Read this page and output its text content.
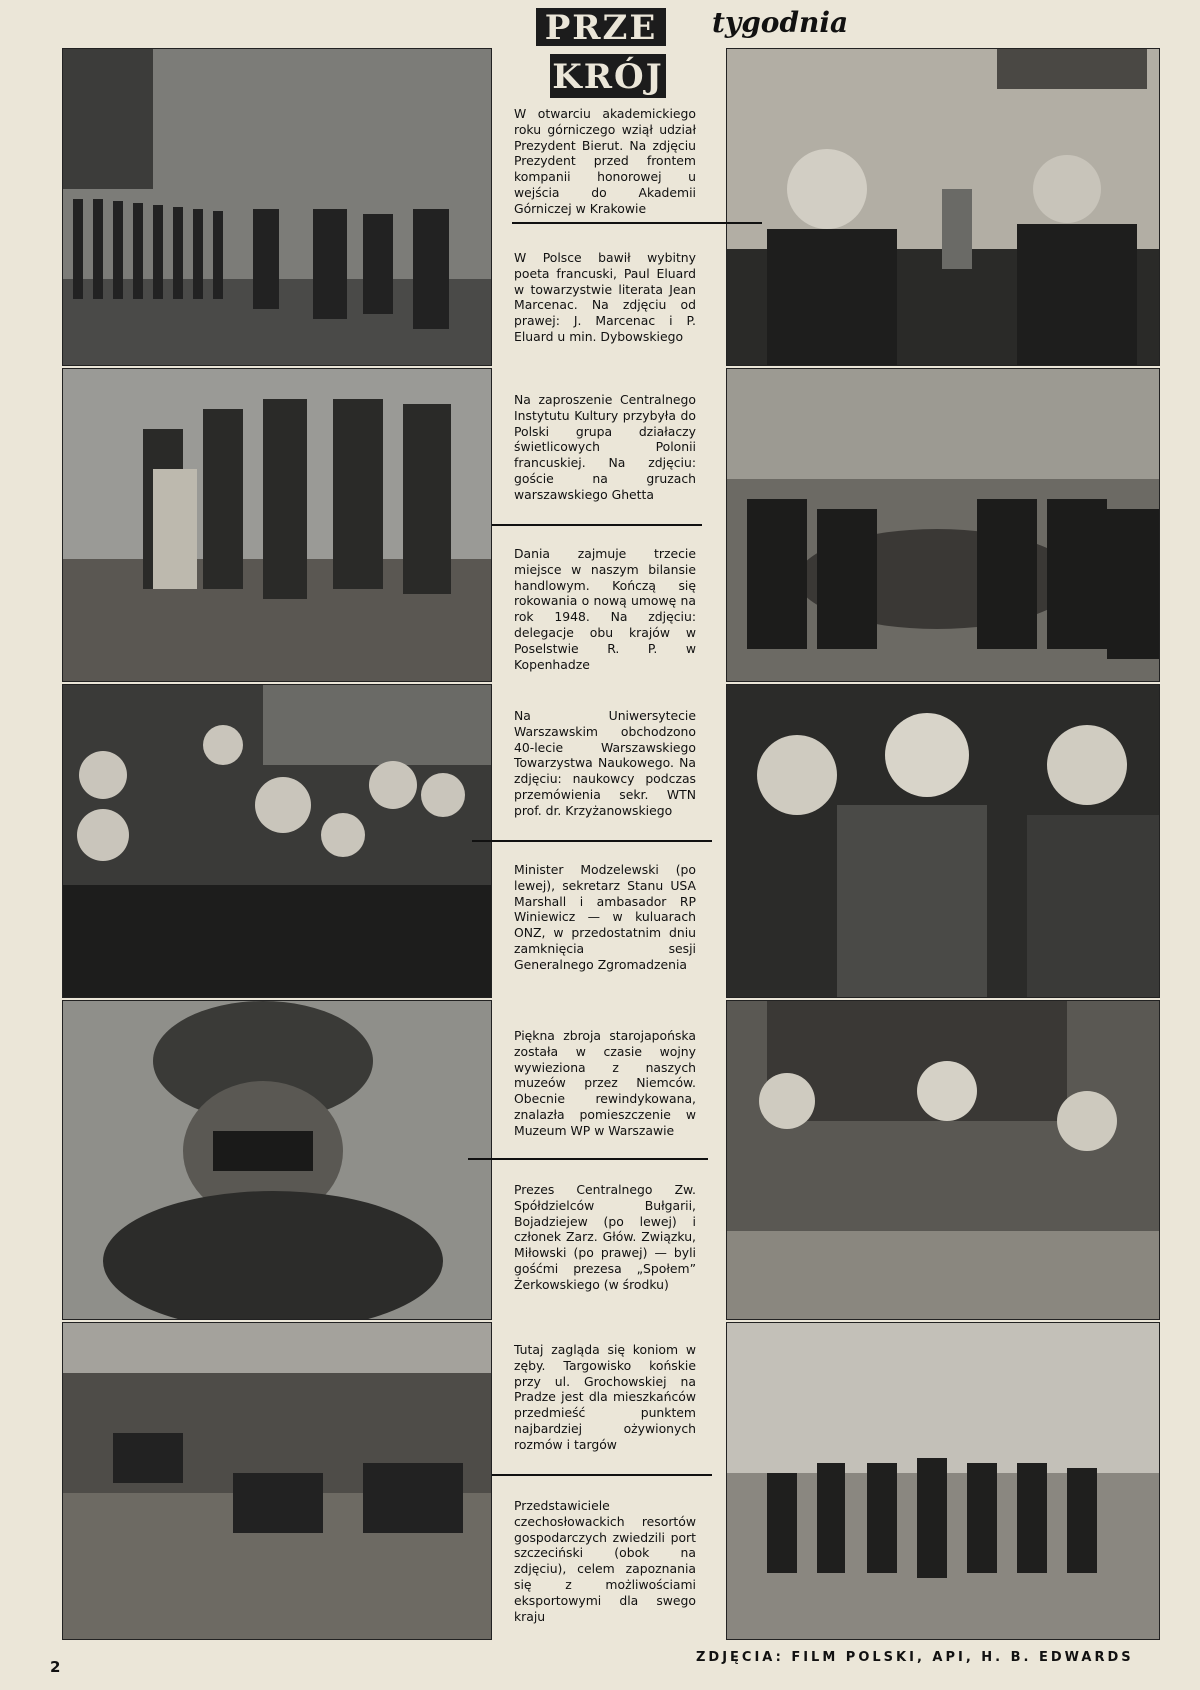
PRZE
KRÓJ
tygodnia
W otwarciu akademickiego roku górniczego wziął udział Prezydent Bierut. Na zdjęciu Prezydent przed frontem kompanii honorowej u wejścia do Akademii Górniczej w Krakowie
W Polsce bawił wybitny poeta francuski, Paul Eluard w towarzystwie literata Jean Marcenac. Na zdjęciu od prawej: J. Marcenac i P. Eluard u min. Dybowskiego
Na zaproszenie Centralnego Instytutu Kultury przybyła do Polski grupa działaczy świetlicowych Polonii francuskiej. Na zdjęciu: goście na gruzach warszawskiego Ghetta
Dania zajmuje trzecie miejsce w naszym bilansie handlowym. Kończą się rokowania o nową umowę na rok 1948. Na zdjęciu: delegacje obu krajów w Poselstwie R. P. w Kopenhadze
Na Uniwersytecie Warszawskim obchodzono 40-lecie Warszawskiego Towarzystwa Naukowego. Na zdjęciu: naukowcy podczas przemówienia sekr. WTN prof. dr. Krzyżanowskiego
Minister Modzelewski (po lewej), sekretarz Stanu USA Marshall i ambasador RP Winiewicz — w kuluarach ONZ, w przedostatnim dniu zamknięcia sesji Generalnego Zgromadzenia
Piękna zbroja starojapońska została w czasie wojny wywieziona z naszych muzeów przez Niemców. Obecnie rewindykowana, znalazła pomieszczenie w Muzeum WP w Warszawie
Prezes Centralnego Zw. Spółdzielców Bułgarii, Bojadziejew (po lewej) i członek Zarz. Głów. Związku, Miłowski (po prawej) — byli gośćmi prezesa „Społem” Żerkowskiego (w środku)
Tutaj zagląda się koniom w zęby. Targowisko końskie przy ul. Grochowskiej na Pradze jest dla mieszkańców przedmieść punktem najbardziej ożywionych rozmów i targów
Przedstawiciele czechosłowackich resortów gospodarczych zwiedzili port szczeciński (obok na zdjęciu), celem zapoznania się z możliwościami eksportowymi dla swego kraju
2
ZDJĘCIA: FILM POLSKI, API, H. B. EDWARDS
